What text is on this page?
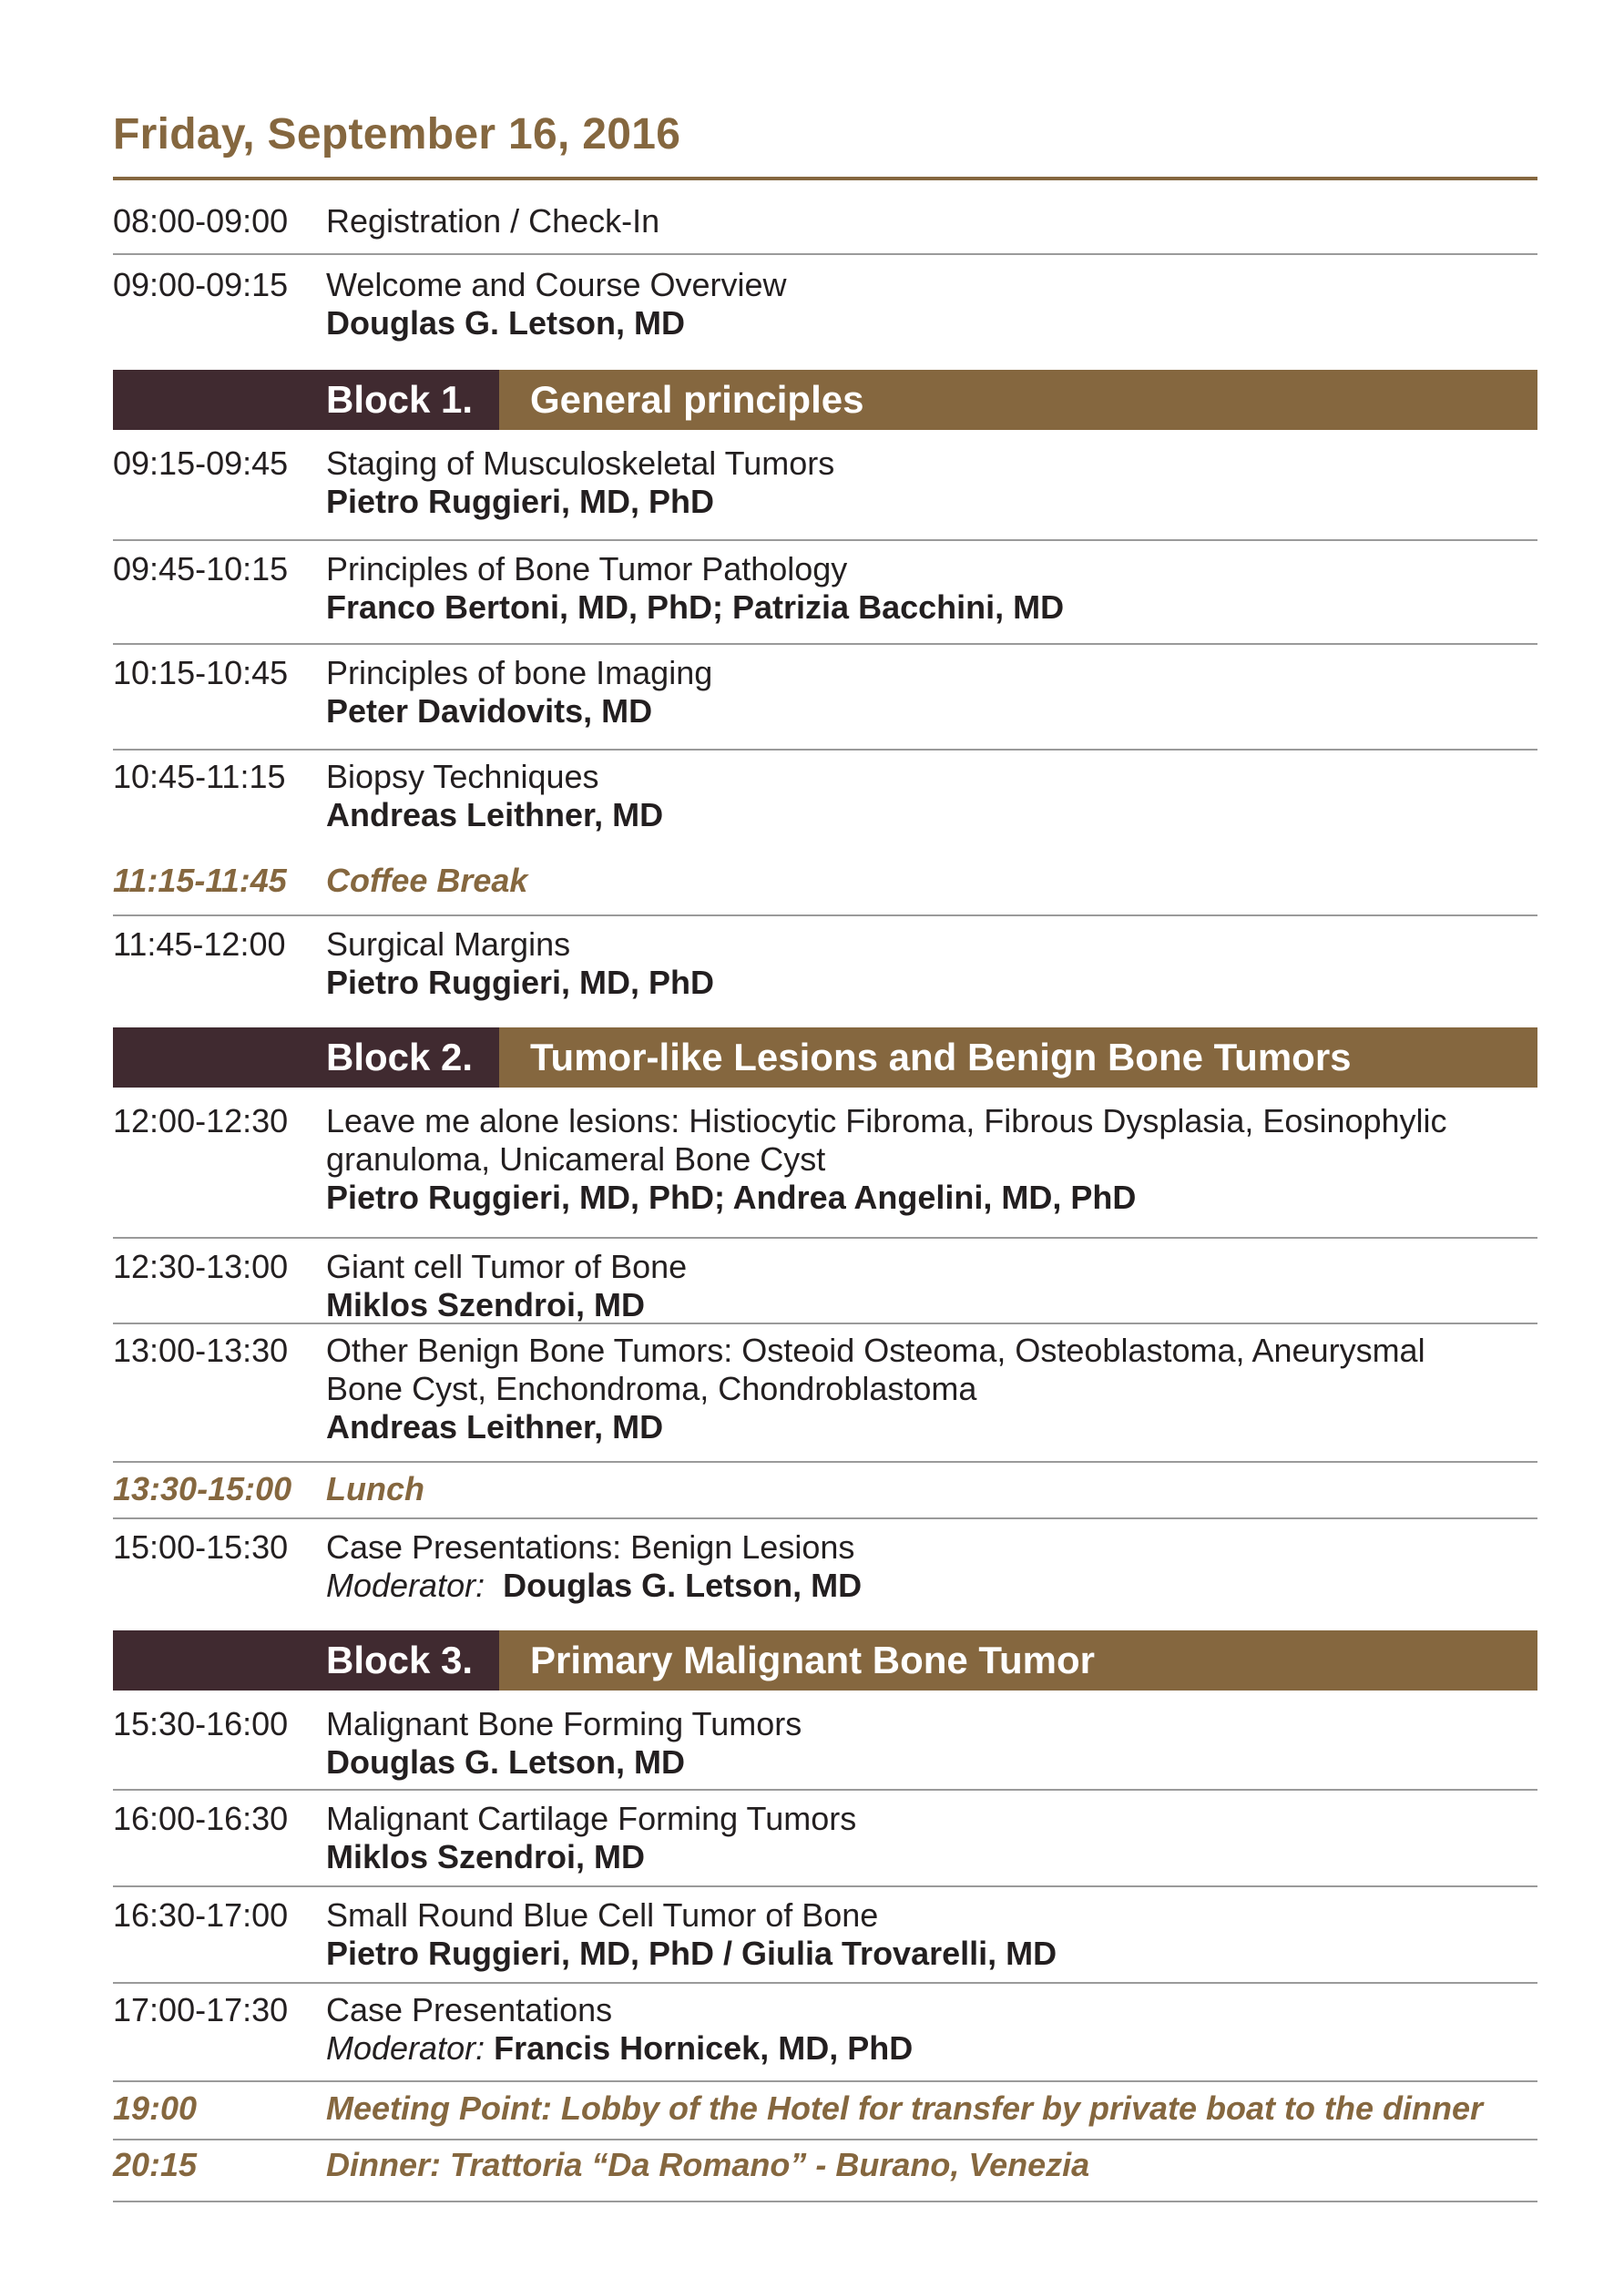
Friday, September 16, 2016
08:00-09:00 Registration / Check-In
09:00-09:15 Welcome and Course Overview
Douglas G. Letson, MD
Block 1. General principles
09:15-09:45 Staging of Musculoskeletal Tumors
Pietro Ruggieri, MD, PhD
09:45-10:15 Principles of Bone Tumor Pathology
Franco Bertoni, MD, PhD; Patrizia Bacchini, MD
10:15-10:45 Principles of bone Imaging
Peter Davidovits, MD
10:45-11:15 Biopsy Techniques
Andreas Leithner, MD
11:15-11:45 Coffee Break
11:45-12:00 Surgical Margins
Pietro Ruggieri, MD, PhD
Block 2. Tumor-like Lesions and Benign Bone Tumors
12:00-12:30 Leave me alone lesions: Histiocytic Fibroma, Fibrous Dysplasia, Eosinophylic
granuloma, Unicameral Bone Cyst
Pietro Ruggieri, MD, PhD; Andrea Angelini, MD, PhD
12:30-13:00 Giant cell Tumor of Bone
Miklos Szendroi, MD
13:00-13:30 Other Benign Bone Tumors: Osteoid Osteoma, Osteoblastoma, Aneurysmal
Bone Cyst, Enchondroma, Chondroblastoma
Andreas Leithner, MD
13:30-15:00 Lunch
15:00-15:30 Case Presentations: Benign Lesions
Moderator: Douglas G. Letson, MD
Block 3. Primary Malignant Bone Tumor
15:30-16:00 Malignant Bone Forming Tumors
Douglas G. Letson, MD
16:00-16:30 Malignant Cartilage Forming Tumors
Miklos Szendroi, MD
16:30-17:00 Small Round Blue Cell Tumor of Bone
Pietro Ruggieri, MD, PhD / Giulia Trovarelli, MD
17:00-17:30 Case Presentations
Moderator: Francis Hornicek, MD, PhD
19:00	Meeting Point: Lobby of the Hotel for transfer by private boat to the dinner
20:15	Dinner: Trattoria “Da Romano” - Burano, Venezia
